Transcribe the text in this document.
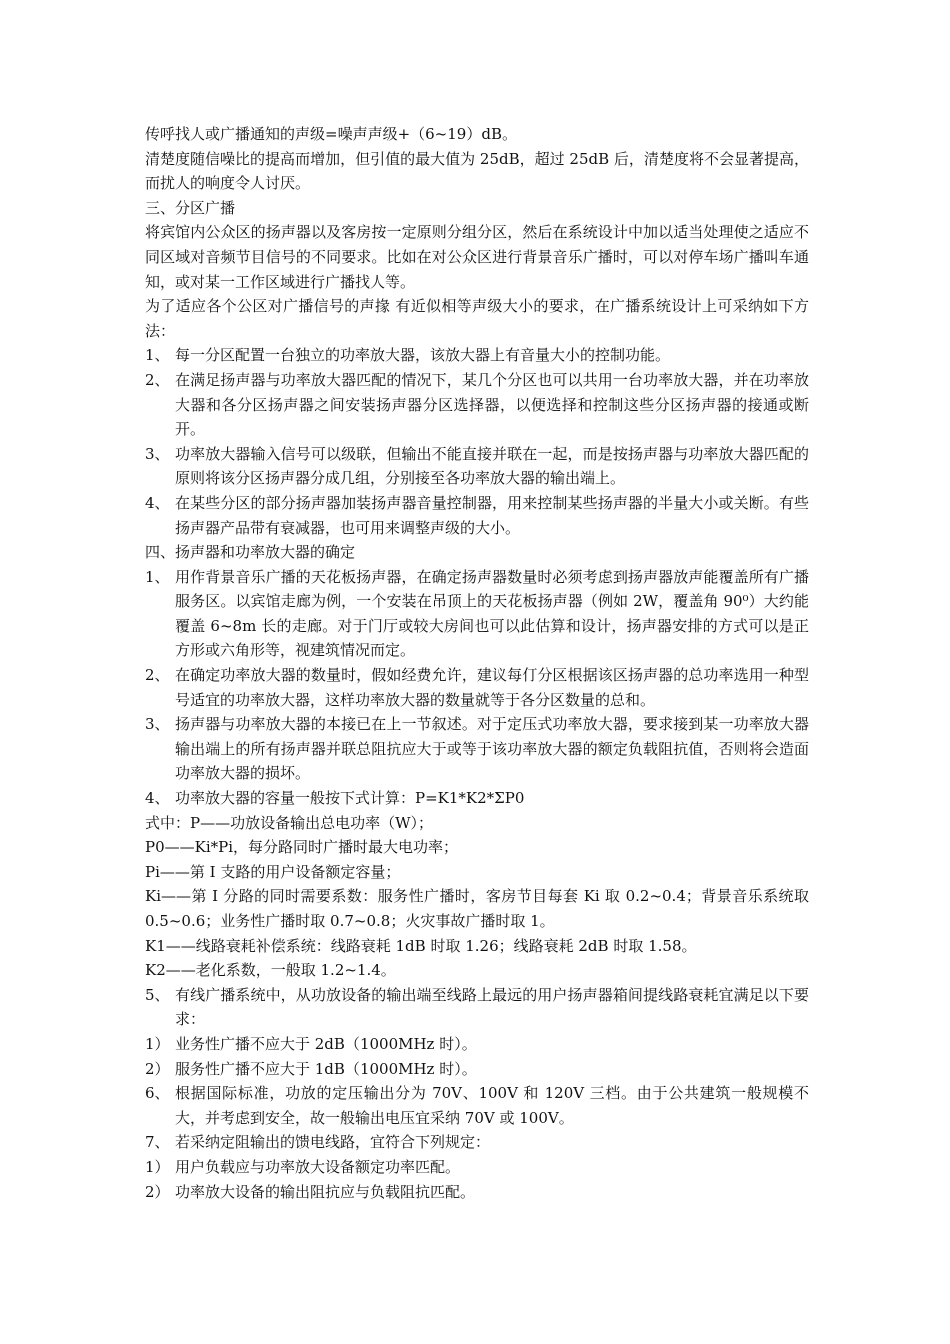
传呼找人或广播通知的声级=噪声声级+（6~19）dB。

清楚度随信噪比的提高而增加，但引值的最大值为 25dB，超过 25dB 后，清楚度将不会显著提高，而扰人的响度令人讨厌。

三、分区广播

将宾馆内公众区的扬声器以及客房按一定原则分组分区，然后在系统设计中加以适当处理使之适应不同区域对音频节目信号的不同要求。比如在对公众区进行背景音乐广播时，可以对停车场广播叫车通知，或对某一工作区域进行广播找人等。

为了适应各个公区对广播信号的声掾 有近似相等声级大小的要求，在广播系统设计上可采纳如下方法：

1、 每一分区配置一台独立的功率放大器，该放大器上有音量大小的控制功能。
2、 在满足扬声器与功率放大器匹配的情况下，某几个分区也可以共用一台功率放大器，并在功率放大器和各分区扬声器之间安装扬声器分区选择器，以便选择和控制这些分区扬声器的接通或断开。
3、 功率放大器输入信号可以级联，但输出不能直接并联在一起，而是按扬声器与功率放大器匹配的原则将该分区扬声器分成几组，分别接至各功率放大器的输出端上。
4、 在某些分区的部分扬声器加装扬声器音量控制器，用来控制某些扬声器的半量大小或关断。有些扬声器产品带有衰减器，也可用来调整声级的大小。

四、扬声器和功率放大器的确定

1、 用作背景音乐广播的天花板扬声器，在确定扬声器数量时必须考虑到扬声器放声能覆盖所有广播服务区。以宾馆走廊为例，一个安装在吊顶上的天花板扬声器（例如 2W，覆盖角 90⁰）大约能覆盖 6~8m 长的走廊。对于门厅或较大房间也可以此估算和设计，扬声器安排的方式可以是正方形或六角形等，视建筑情况而定。
2、 在确定功率放大器的数量时，假如经费允许，建议每仃分区根据该区扬声器的总功率选用一种型号适宜的功率放大器，这样功率放大器的数量就等于各分区数量的总和。
3、 扬声器与功率放大器的本接已在上一节叙述。对于定压式功率放大器，要求接到某一功率放大器输出端上的所有扬声器并联总阻抗应大于或等于该功率放大器的额定负载阻抗值，否则将会造面功率放大器的损坏。
4、 功率放大器的容量一般按下式计算：P=K1*K2*ΣP0

式中：P——功放设备输出总电功率（W）；

P0——Ki*Pi，每分路同时广播时最大电功率；

Pi——第 I 支路的用户设备额定容量；

Ki——第 I 分路的同时需要系数：服务性广播时，客房节目每套 Ki 取 0.2~0.4；背景音乐系统取 0.5~0.6；业务性广播时取 0.7~0.8；火灾事故广播时取 1。

K1——线路衰耗补偿系统：线路衰耗 1dB 时取 1.26；线路衰耗 2dB 时取 1.58。

K2——老化系数，一般取 1.2~1.4。

5、 有线广播系统中，从功放设备的输出端至线路上最远的用户扬声器箱间提线路衰耗宜满足以下要求：
1） 业务性广播不应大于 2dB（1000MHz 时）。
2） 服务性广播不应大于 1dB（1000MHz 时）。
6、 根据国际标准，功放的定压输出分为 70V、100V 和 120V 三档。由于公共建筑一般规模不大，并考虑到安全，故一般输出电压宜采纳 70V 或 100V。
7、 若采纳定阻输出的馈电线路，宜符合下列规定：
1） 用户负载应与功率放大设备额定功率匹配。
2） 功率放大设备的输出阻抗应与负载阻抗匹配。
